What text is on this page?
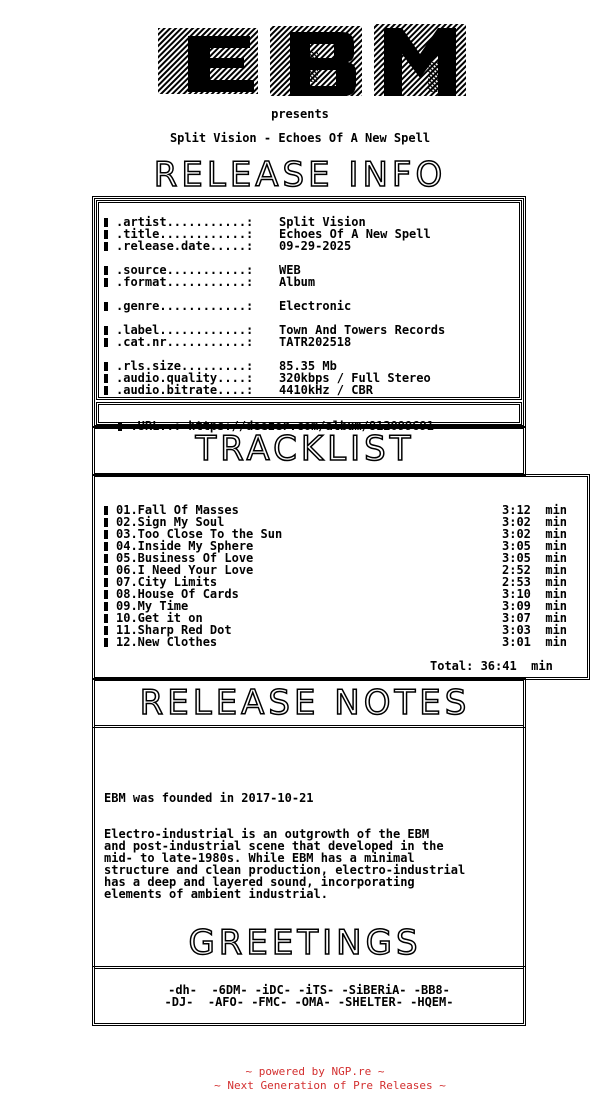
presents
Split Vision - Echoes Of A New Spell
RELEASE INFO
.artist...........: Split Vision
.title............: Echoes Of A New Spell
.release.date.....: 09-29-2025
.source...........: WEB
.format...........: Album
.genre............: Electronic
.label............: Town And Towers Records
.cat.nr...........: TATR202518
.rls.size.........: 85.35 Mb
.audio.quality....: 320kbps / Full Stereo
.audio.bitrate....: 4410kHz / CBR

.URL..: https://deezer.com/album/812099691

TRACKLIST
01.Fall Of Masses	3:12  min
02.Sign My Soul	3:02  min
03.Too Close To the Sun	3:02  min
04.Inside My Sphere	3:05  min
05.Business Of Love	3:05  min
06.I Need Your Love	2:52  min
07.City Limits	2:53  min
08.House Of Cards	3:10  min
09.My Time	3:09  min
10.Get it on	3:07  min
11.Sharp Red Dot	3:03  min
12.New Clothes	3:01  min
Total: 36:41  min
RELEASE NOTES
EBM was founded in 2017-10-21
Electro-industrial is an outgrowth of the EBM
and post-industrial scene that developed in the
mid- to late-1980s. While EBM has a minimal
structure and clean production, electro-industrial
has a deep and layered sound, incorporating
elements of ambient industrial.
GREETINGS
-dh-  -6DM- -iDC- -iTS- -SiBERiA- -BB8-
-DJ-  -AFO- -FMC- -OMA- -SHELTER- -HQEM-
~ powered by NGP.re ~
~ Next Generation of Pre Releases ~
